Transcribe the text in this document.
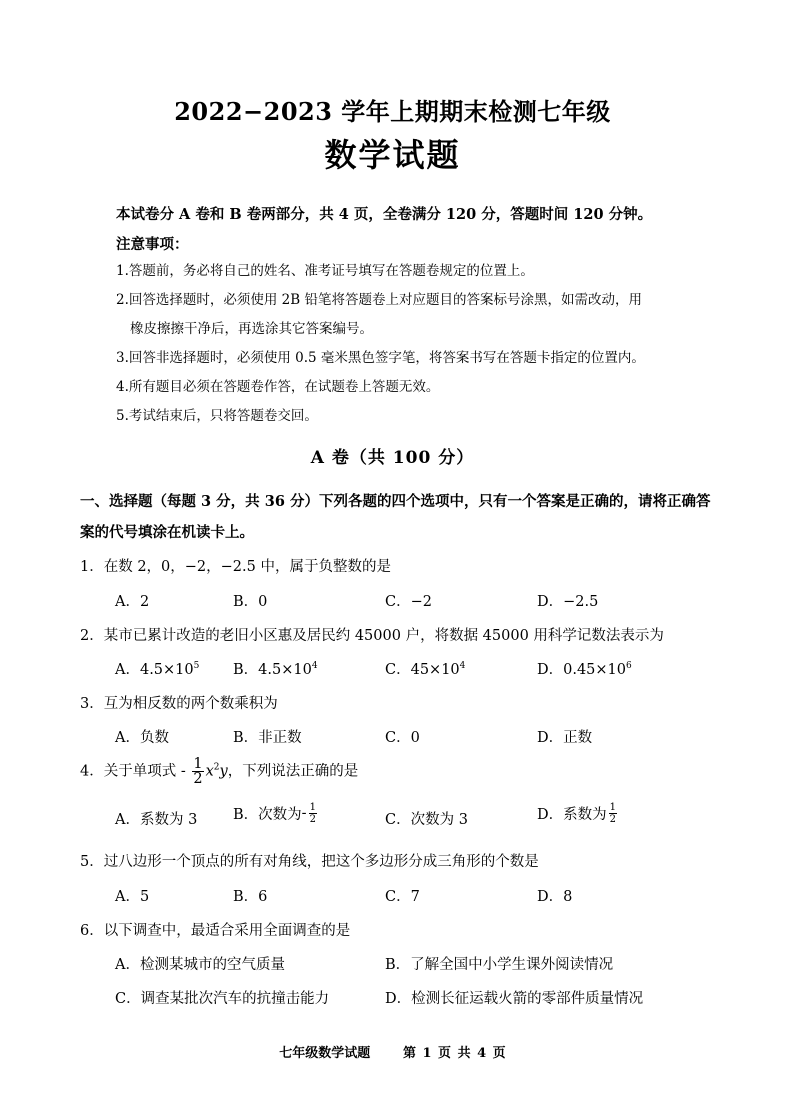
2022−2023 学年上期期末检测七年级
数学试题
本试卷分 A 卷和 B 卷两部分，共 4 页，全卷满分 120 分，答题时间 120 分钟。
注意事项：
1.答题前，务必将自己的姓名、准考证号填写在答题卷规定的位置上。
2.回答选择题时，必须使用 2B 铅笔将答题卷上对应题目的答案标号涂黑，如需改动，用
橡皮擦擦干净后，再选涂其它答案编号。
3.回答非选择题时，必须使用 0.5 毫米黑色签字笔，将答案书写在答题卡指定的位置内。
4.所有题目必须在答题卷作答，在试题卷上答题无效。
5.考试结束后，只将答题卷交回。
A 卷（共 100 分）
一、选择题（每题 3 分，共 36 分）下列各题的四个选项中，只有一个答案是正确的，请将正确答案的代号填涂在机读卡上。
1．在数 2，0，−2，−2.5 中，属于负整数的是
A．2	B．0	C．−2	D．−2.5
2．某市已累计改造的老旧小区惠及居民约 45000 户，将数据 45000 用科学记数法表示为
A．$4.5\times 10^5$ B．$4.5\times 10^4$	C．$45\times 10^4$	D．$0.45\times 10^6$
3．互为相反数的两个数乘积为
A．负数	B．非正数	C．0	D．正数
4．关于单项式 - $\frac{1}{2} x^2y$，下列说法正确的是
A．系数为 3 B．次数为- $\frac{1}{2}$	C．次数为 3	D．系数为 $\frac{1}{2}$
5．过八边形一个顶点的所有对角线，把这个多边形分成三角形的个数是
A．5	B．6	C．7	D．8
6．以下调查中，最适合采用全面调查的是
A．检测某城市的空气质量	B．了解全国中小学生课外阅读情况
C．调查某批次汽车的抗撞击能力	D．检测长征运载火箭的零部件质量情况
七年级数学试题	第 1 页 共 4 页
